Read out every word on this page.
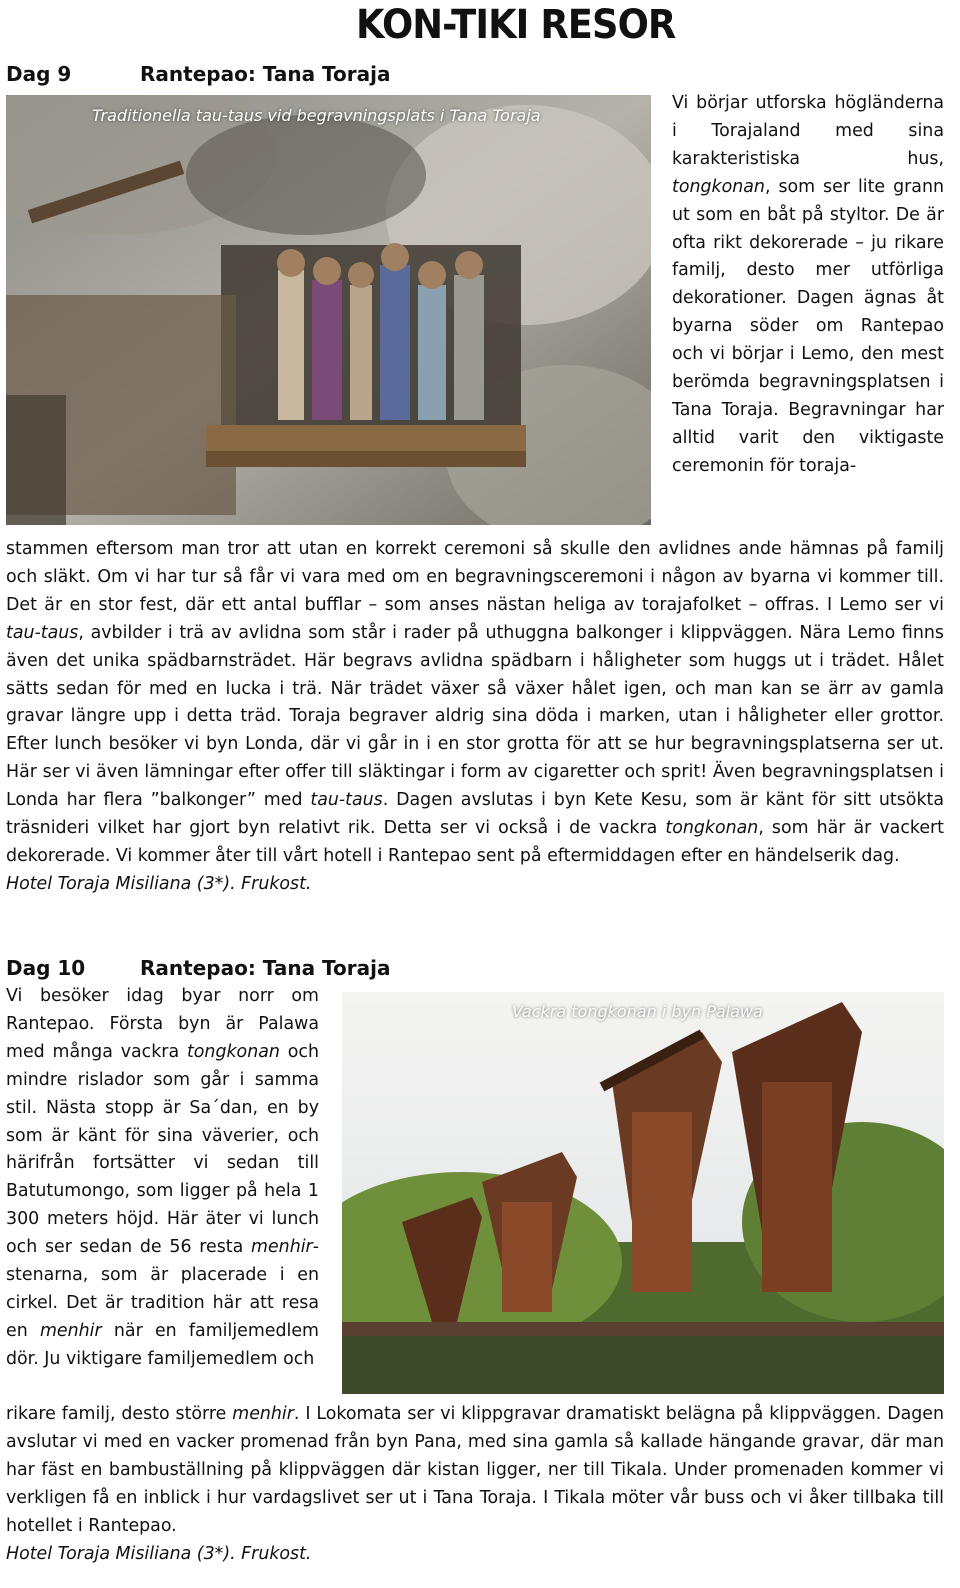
KON-TIKI RESOR
Dag 9	Rantepao: Tana Toraja
Traditionella tau-taus vid begravningsplats i Tana Toraja

Vi börjar utforska högländerna i Torajaland med sina karakteristiska hus, tongkonan, som ser lite grann ut som en båt på styltor. De är ofta rikt dekorerade – ju rikare familj, desto mer utförliga dekorationer. Dagen ägnas åt byarna söder om Rantepao och vi börjar i Lemo, den mest berömda begravningsplatsen i Tana Toraja. Begravningar har alltid varit den viktigaste ceremonin för toraja-

stammen eftersom man tror att utan en korrekt ceremoni så skulle den avlidnes ande hämnas på familj och släkt. Om vi har tur så får vi vara med om en begravningsceremoni i någon av byarna vi kommer till. Det är en stor fest, där ett antal bufflar – som anses nästan heliga av torajafolket – offras. I Lemo ser vi tau-taus, avbilder i trä av avlidna som står i rader på uthuggna balkonger i klippväggen. Nära Lemo finns även det unika spädbarnsträdet. Här begravs avlidna spädbarn i håligheter som huggs ut i trädet. Hålet sätts sedan för med en lucka i trä. När trädet växer så växer hålet igen, och man kan se ärr av gamla gravar längre upp i detta träd. Toraja begraver aldrig sina döda i marken, utan i håligheter eller grottor. Efter lunch besöker vi byn Londa, där vi går in i en stor grotta för att se hur begravningsplatserna ser ut. Här ser vi även lämningar efter offer till släktingar i form av cigaretter och sprit! Även begravningsplatsen i Londa har flera ”balkonger” med tau-taus. Dagen avslutas i byn Kete Kesu, som är känt för sitt utsökta träsnideri vilket har gjort byn relativt rik. Detta ser vi också i de vackra tongkonan, som här är vackert dekorerade. Vi kommer åter till vårt hotell i Rantepao sent på eftermiddagen efter en händelserik dag.

Hotel Toraja Misiliana (3*). Frukost.

Dag 10	Rantepao: Tana Toraja
Vackra tongkonan i byn Palawa

Vi besöker idag byar norr om Rantepao. Första byn är Palawa med många vackra tongkonan och mindre rislador som går i samma stil. Nästa stopp är Sa´dan, en by som är känt för sina väverier, och härifrån fortsätter vi sedan till Batutumongo, som ligger på hela 1 300 meters höjd. Här äter vi lunch och ser sedan de 56 resta menhir-stenarna, som är placerade i en cirkel. Det är tradition här att resa en menhir när en familjemedlem dör. Ju viktigare familjemedlem och

rikare familj, desto större menhir. I Lokomata ser vi klippgravar dramatiskt belägna på klippväggen. Dagen avslutar vi med en vacker promenad från byn Pana, med sina gamla så kallade hängande gravar, där man har fäst en bambuställning på klippväggen där kistan ligger, ner till Tikala. Under promenaden kommer vi verkligen få en inblick i hur vardagslivet ser ut i Tana Toraja. I Tikala möter vår buss och vi åker tillbaka till hotellet i Rantepao.

Hotel Toraja Misiliana (3*). Frukost.
